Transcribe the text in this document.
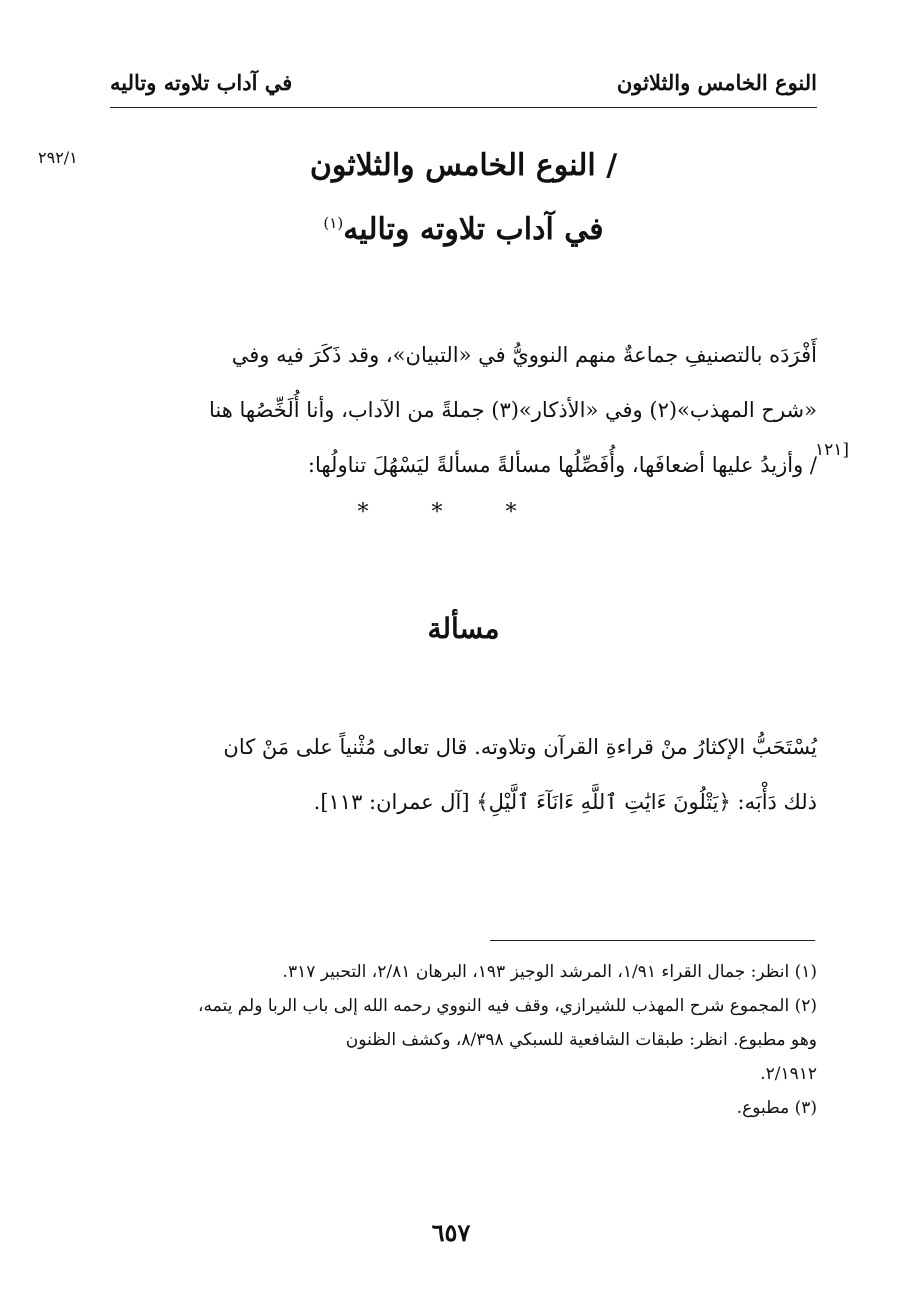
النوع الخامس والثلاثون
في آداب تلاوته وتاليه
٢٩٢/١	/ النوع الخامس والثلاثون
في آداب تلاوته وتاليه$^{(١)}$
أَفْرَدَه بالتصنيفِ جماعةٌ منهم النوويُّ في «التبيان»، وقد ذَكَرَ فيه وفي
«شرح المهذب»(٢) وفي «الأذكار»(٣) جملةً من الآداب، وأنا أُلَخِّصُها هنا
/ وأزيدُ عليها أضعافَها، وأُفَصِّلُها مسألةً مسألةً ليَسْهُلَ تناولُها:
[١٢١
* * *
مسألة
يُسْتَحَبُّ الإكثارُ منْ قراءةِ القرآن وتلاوته. قال تعالى مُثْنياً على مَنْ كان
ذلك دَأْبَه: ﴿يَتْلُونَ ءَايَٰتِ ٱللَّهِ ءَانَآءَ ٱلَّيْلِ﴾ [آل عمران: ١١٣].
(١) انظر: جمال القراء ١/٩١، المرشد الوجيز ١٩٣، البرهان ٢/٨١، التحبير ٣١٧.
(٢) المجموع شرح المهذب للشيرازي، وقف فيه النووي رحمه الله إلى باب الربا ولم يتمه،
وهو مطبوع. انظر: طبقات الشافعية للسبكي ٨/٣٩٨، وكشف الظنون
٢/١٩١٢.
(٣) مطبوع.
٦٥٧
